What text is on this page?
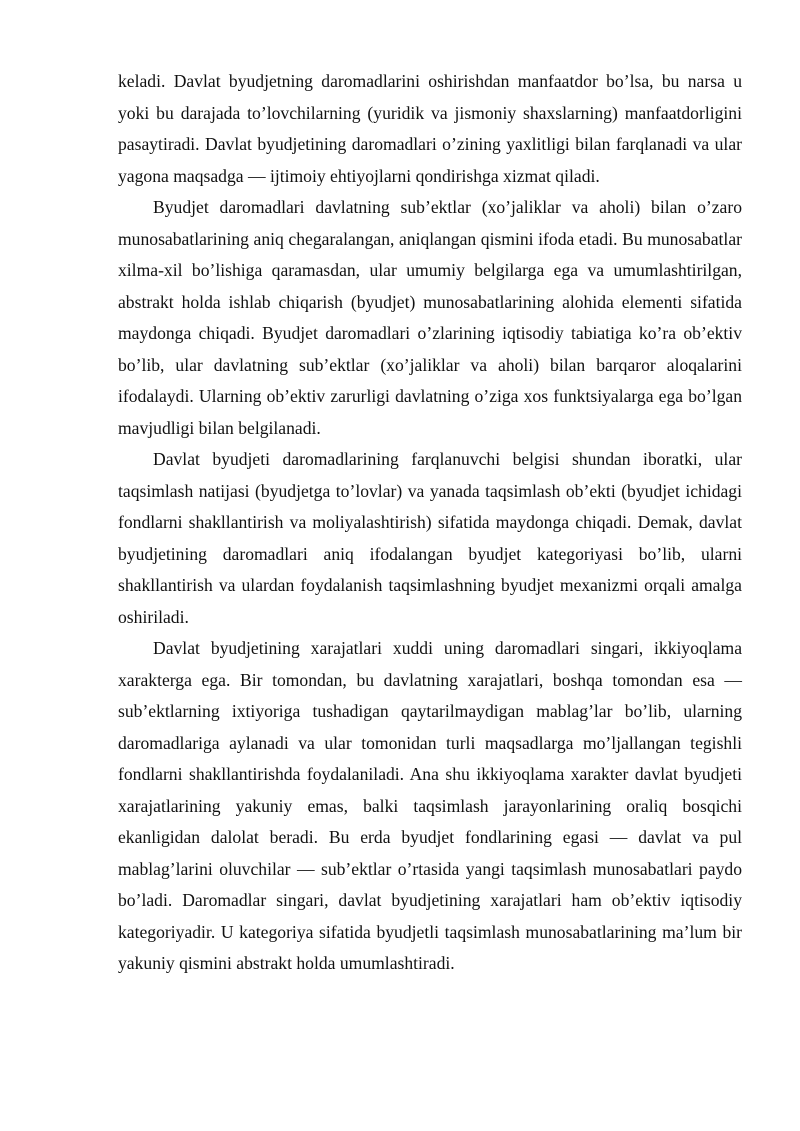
keladi. Davlat byudjetning daromadlarini oshirishdan manfaatdor bo’lsa, bu narsa u yoki bu darajada to’lovchilarning (yuridik va jismoniy shaxslarning) manfaatdorligini pasaytiradi. Davlat byudjetining daromadlari o’zining yaxlitligi bilan farqlanadi va ular yagona maqsadga — ijtimoiy ehtiyojlarni qondirishga xizmat qiladi.

Byudjet daromadlari davlatning sub’ektlar (xo’jaliklar va aholi) bilan o’zaro munosabatlarining aniq chegaralangan, aniqlangan qismini ifoda etadi. Bu munosabatlar xilma-xil bo’lishiga qaramasdan, ular umumiy belgilarga ega va umumlashtirilgan, abstrakt holda ishlab chiqarish (byudjet) munosabatlarining alohida elementi sifatida maydonga chiqadi. Byudjet daromadlari o’zlarining iqtisodiy tabiatiga ko’ra ob’ektiv bo’lib, ular davlatning sub’ektlar (xo’jaliklar va aholi) bilan barqaror aloqalarini ifodalaydi. Ularning ob’ektiv zarurligi davlatning o’ziga xos funktsiyalarga ega bo’lgan mavjudligi bilan belgilanadi.

Davlat byudjeti daromadlarining farqlanuvchi belgisi shundan iboratki, ular taqsimlash natijasi (byudjetga to’lovlar) va yanada taqsimlash ob’ekti (byudjet ichidagi fondlarni shakllantirish va moliyalashtirish) sifatida maydonga chiqadi. Demak, davlat byudjetining daromadlari aniq ifodalangan byudjet kategoriyasi bo’lib, ularni shakllantirish va ulardan foydalanish taqsimlashning byudjet mexanizmi orqali amalga oshiriladi.

Davlat byudjetining xarajatlari xuddi uning daromadlari singari, ikkiyoqlama xarakterga ega. Bir tomondan, bu davlatning xarajatlari, boshqa tomondan esa — sub’ektlarning ixtiyoriga tushadigan qaytarilmaydigan mablag’lar bo’lib, ularning daromadlariga aylanadi va ular tomonidan turli maqsadlarga mo’ljallangan tegishli fondlarni shakllantirishda foydalaniladi. Ana shu ikkiyoqlama xarakter davlat byudjeti xarajatlarining yakuniy emas, balki taqsimlash jarayonlarining oraliq bosqichi ekanligidan dalolat beradi. Bu erda byudjet fondlarining egasi — davlat va pul mablag’larini oluvchilar — sub’ektlar o’rtasida yangi taqsimlash munosabatlari paydo bo’ladi. Daromadlar singari, davlat byudjetining xarajatlari ham ob’ektiv iqtisodiy kategoriyadir. U kategoriya sifatida byudjetli taqsimlash munosabatlarining ma’lum bir yakuniy qismini abstrakt holda umumlashtiradi.
